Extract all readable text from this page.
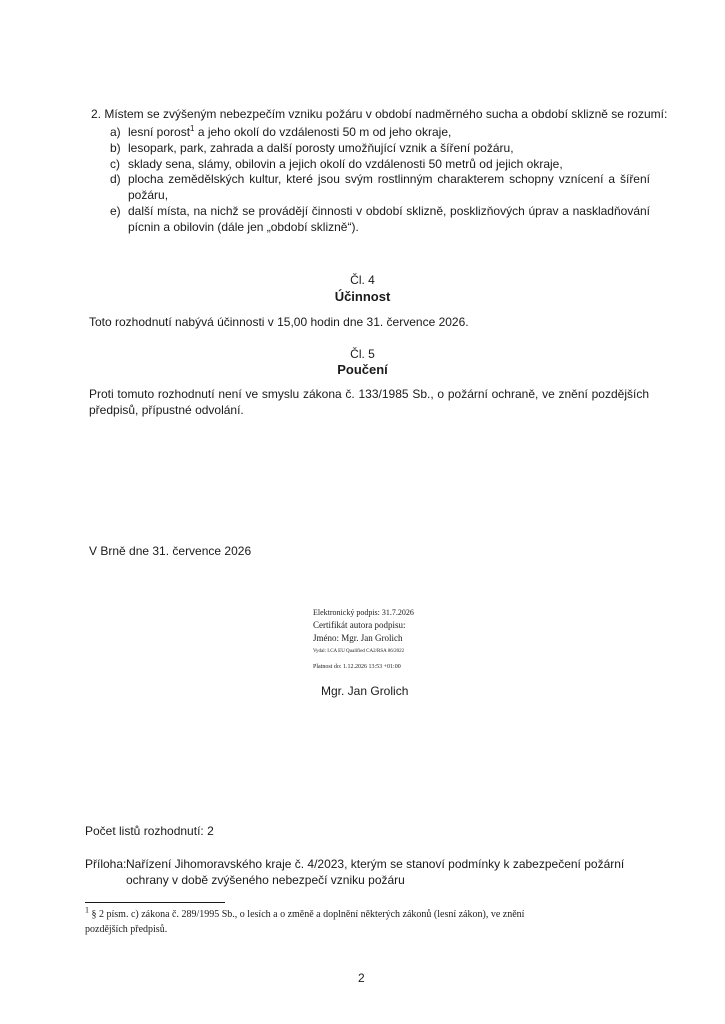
2. Místem se zvýšeným nebezpečím vzniku požáru v období nadměrného sucha a období sklizně se rozumí:
a) lesní porost$^1$ a jeho okolí do vzdálenosti 50 m od jeho okraje,
b) lesopark, park, zahrada a další porosty umožňující vznik a šíření požáru,
c) sklady sena, slámy, obilovin a jejich okolí do vzdálenosti 50 metrů od jejich okraje,
d) plocha zemědělských kultur, které jsou svým rostlinným charakterem schopny vznícení a šíření požáru,
e) další místa, na nichž se provádějí činnosti v období sklizně, posklizňových úprav a naskladňování pícnin a obilovin (dále jen „období sklizně“).
Čl. 4
Účinnost
Toto rozhodnutí nabývá účinnosti v 15,00 hodin dne 31. července 2026.
Čl. 5
Poučení
Proti tomuto rozhodnutí není ve smyslu zákona č. 133/1985 Sb., o požární ochraně, ve znění pozdějších předpisů, přípustné odvolání.
V Brně dne 31. července 2026
Elektronický podpis: 31.7.2026
Certifikát autora podpisu:
Jméno: Mgr. Jan Grolich
Vydal: I.CA EU Qualified CA2/RSA 06/2022
Platnost do: 1.12.2026 13:53 +01:00
Mgr. Jan Grolich
Počet listů rozhodnutí: 2
Příloha: Nařízení Jihomoravského kraje č. 4/2023, kterým se stanoví podmínky k zabezpečení požární
ochrany v době zvýšeného nebezpečí vzniku požáru
$^1$ § 2 písm. c) zákona č. 289/1995 Sb., o lesích a o změně a doplnění některých zákonů (lesní zákon), ve znění
pozdějších předpisů.
2
